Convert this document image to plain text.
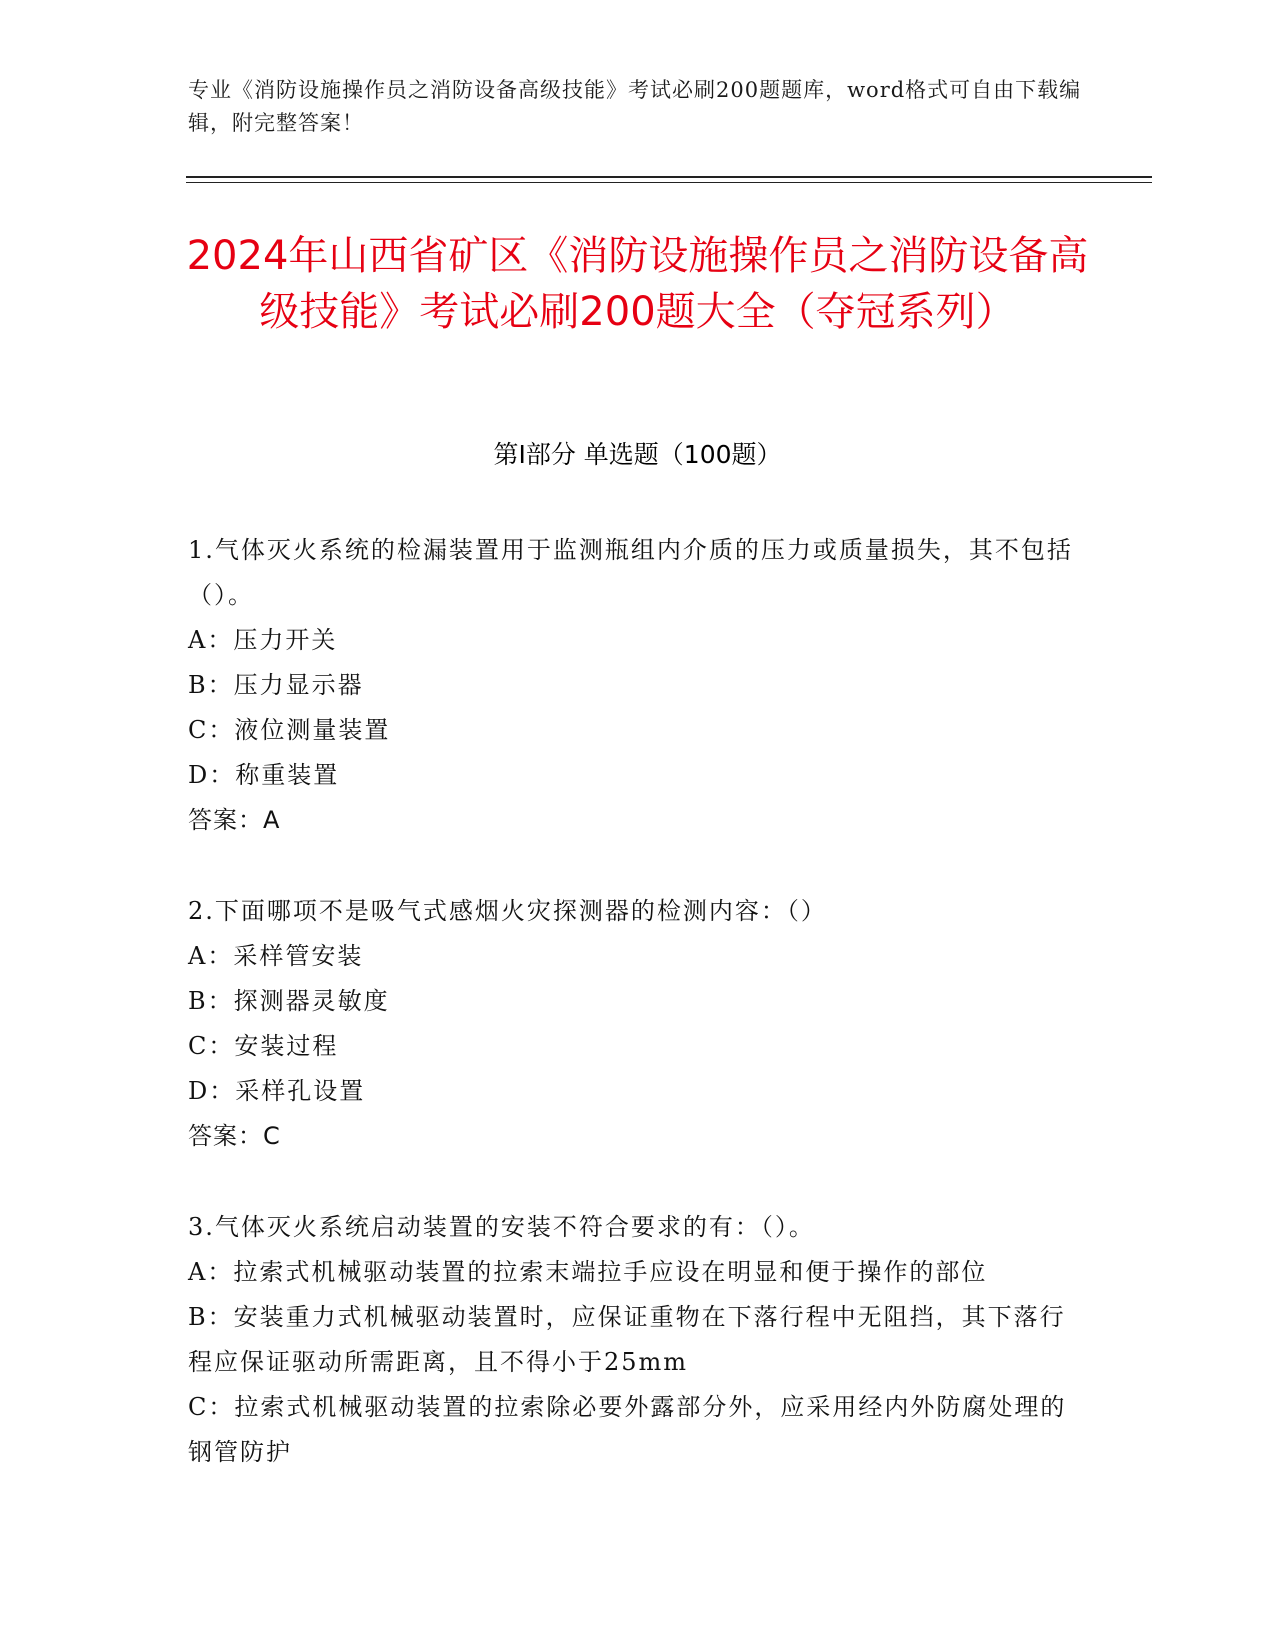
专业《消防设施操作员之消防设备高级技能》考试必刷200题题库，word格式可自由下载编辑，附完整答案！
2024年山西省矿区《消防设施操作员之消防设备高级技能》考试必刷200题大全（夺冠系列）
第I部分 单选题（100题）
1.气体灭火系统的检漏装置用于监测瓶组内介质的压力或质量损失，其不包括（）。
A：压力开关
B：压力显示器
C：液位测量装置
D：称重装置
答案：A
2.下面哪项不是吸气式感烟火灾探测器的检测内容：（）
A：采样管安装
B：探测器灵敏度
C：安装过程
D：采样孔设置
答案：C
3.气体灭火系统启动装置的安装不符合要求的有：（）。
A：拉索式机械驱动装置的拉索末端拉手应设在明显和便于操作的部位
B：安装重力式机械驱动装置时，应保证重物在下落行程中无阻挡，其下落行程应保证驱动所需距离，且不得小于25mm
C：拉索式机械驱动装置的拉索除必要外露部分外，应采用经内外防腐处理的钢管防护
